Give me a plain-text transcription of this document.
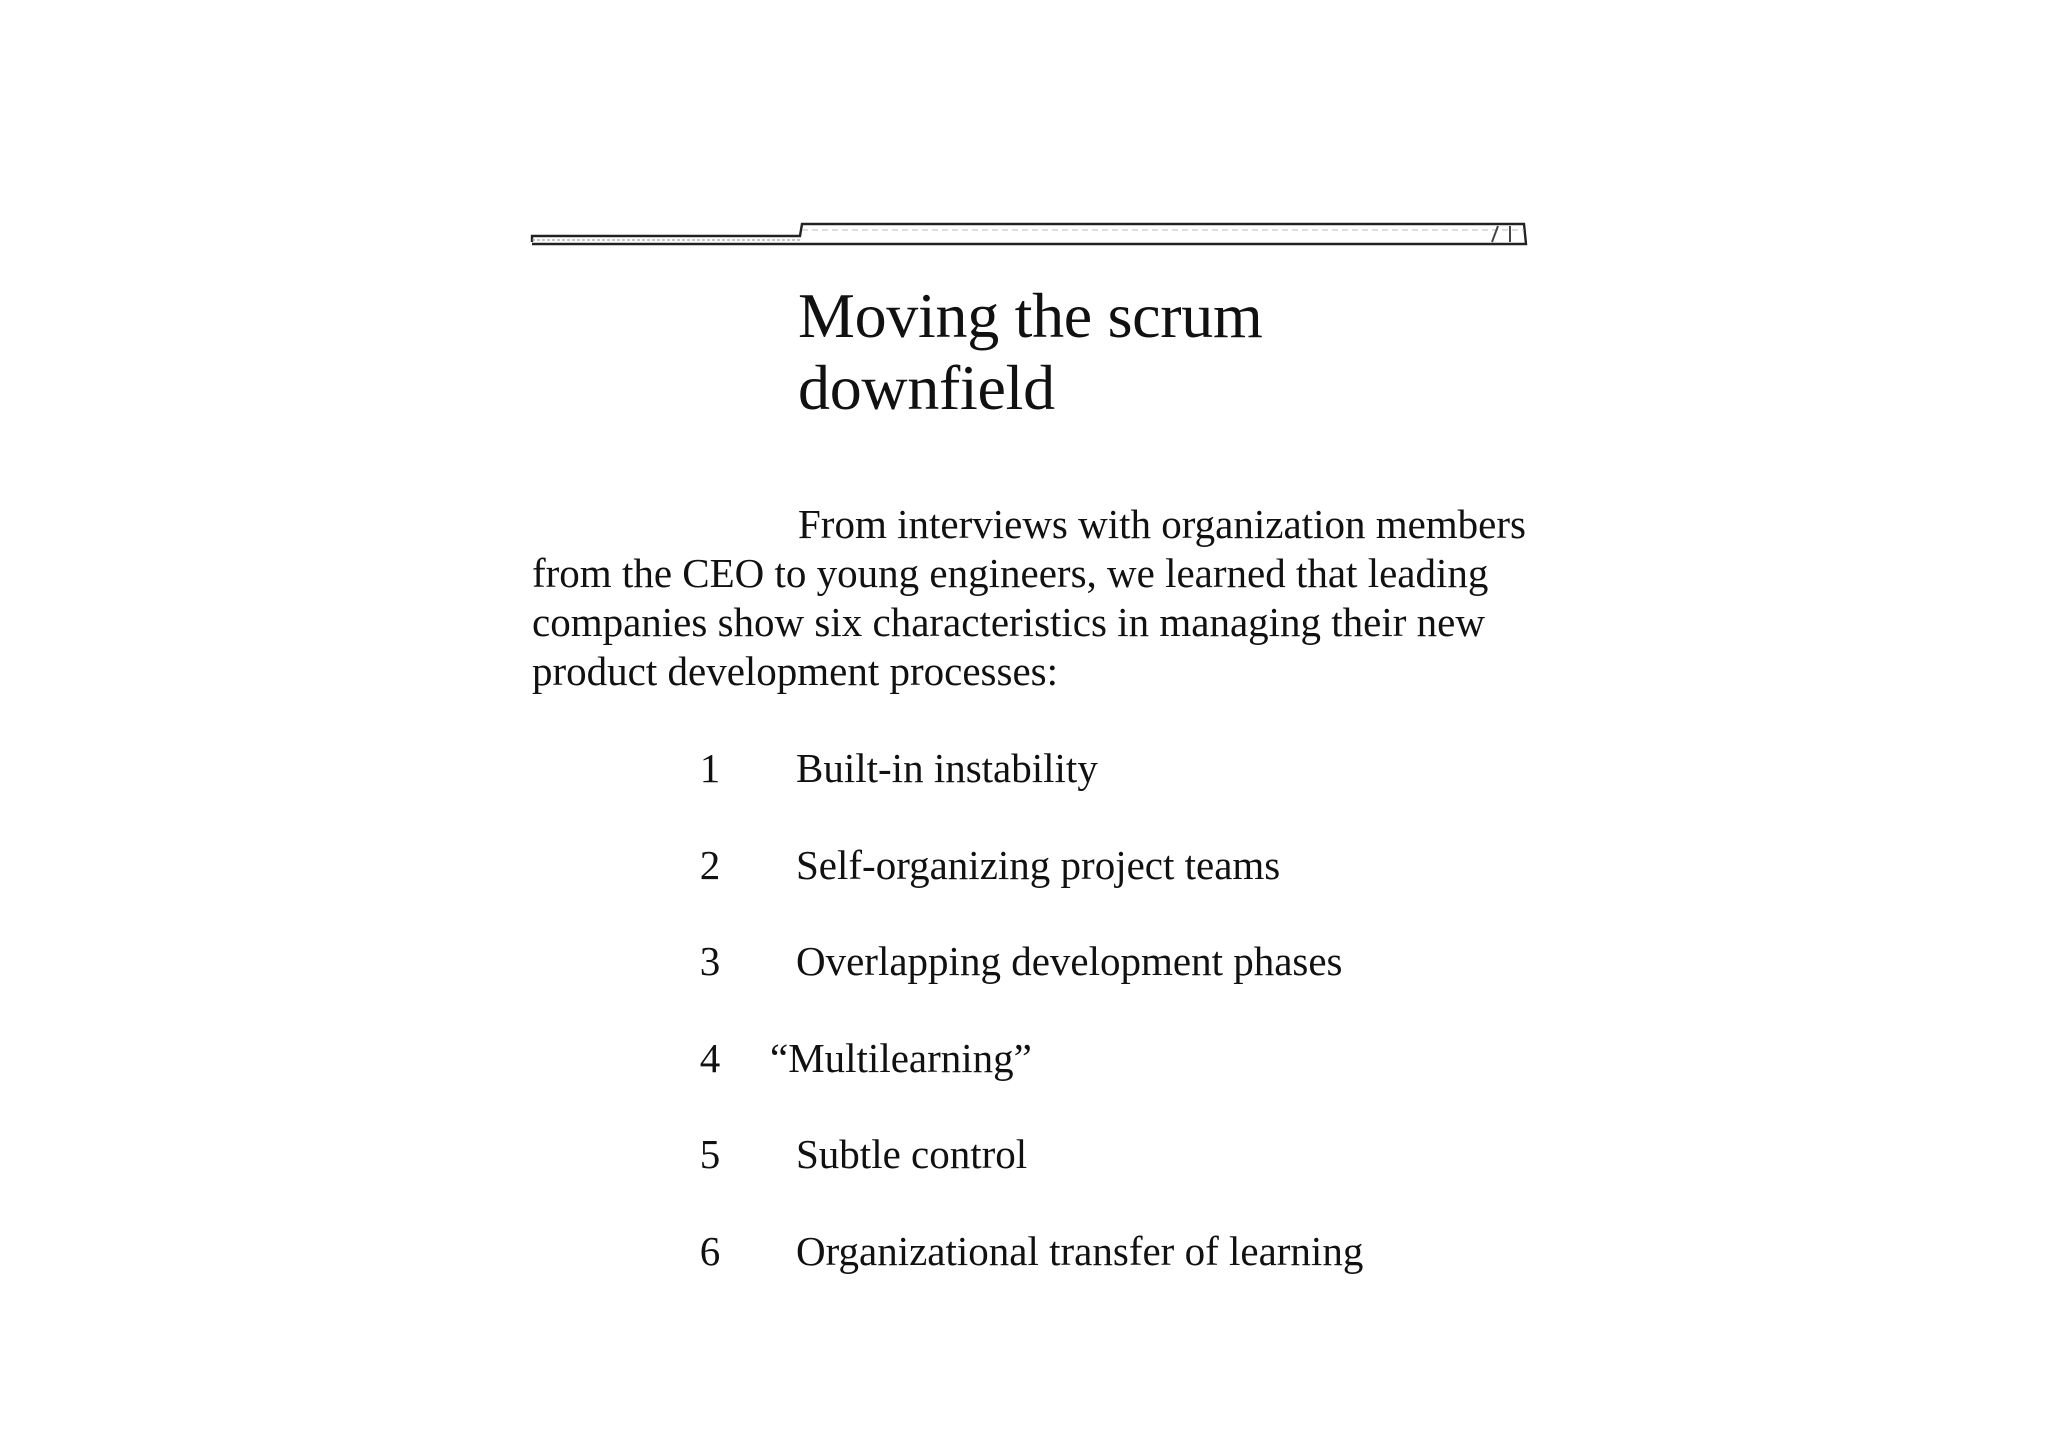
Moving the scrum
downfield

From interviews with organization members from the CEO to young engineers, we learned that leading companies show six characteristics in managing their new product development processes:

1 Built-in instability
2 Self-organizing project teams
3 Overlapping development phases
4 “Multilearning”
5 Subtle control
6 Organizational transfer of learning
